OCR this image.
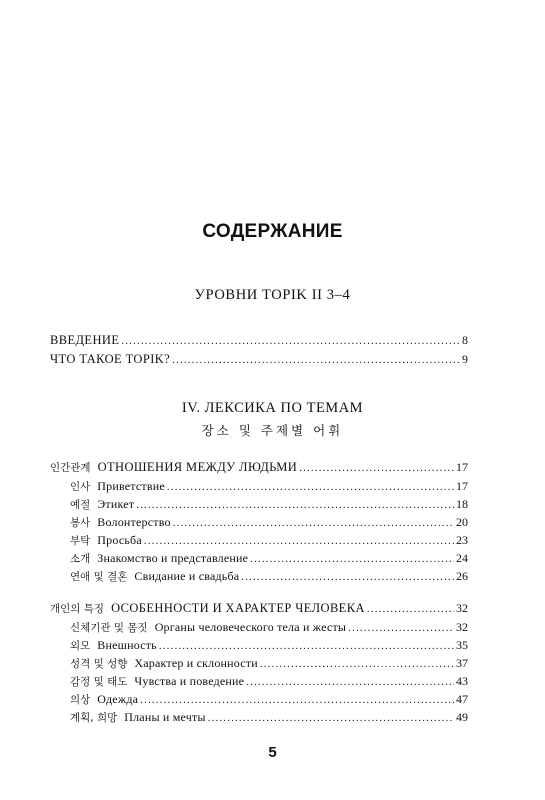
СОДЕРЖАНИЕ
УРОВНИ TOPIK II 3–4
ВВЕДЕНИЕ . . .	8
ЧТО ТАКОЕ TOPIK? . . .	9
IV. ЛЕКСИКА ПО ТЕМАМ
장소 및 주제별 어휘
인간관계 ОТНОШЕНИЯ МЕЖДУ ЛЮДЬМИ . . .	17
인사 Приветствие . . .	17
예절 Этикет . . .	18
봉사 Волонтерство . . .	20
부탁 Просьба . . .	23
소개 Знакомство и представление . . .	24
연애 및 결혼 Свидание и свадьба . . .	26
개인의 특징 ОСОБЕННОСТИ И ХАРАКТЕР ЧЕЛОВЕКА . . .	32
신체기관 및 몸짓 Органы человеческого тела и жесты . . .	32
외모 Внешность . . .	35
성격 및 성향 Характер и склонности . . .	37
감정 및 태도 Чувства и поведение . . .	43
의상 Одежда . . .	47
계획, 희망 Планы и мечты . . .	49
5
